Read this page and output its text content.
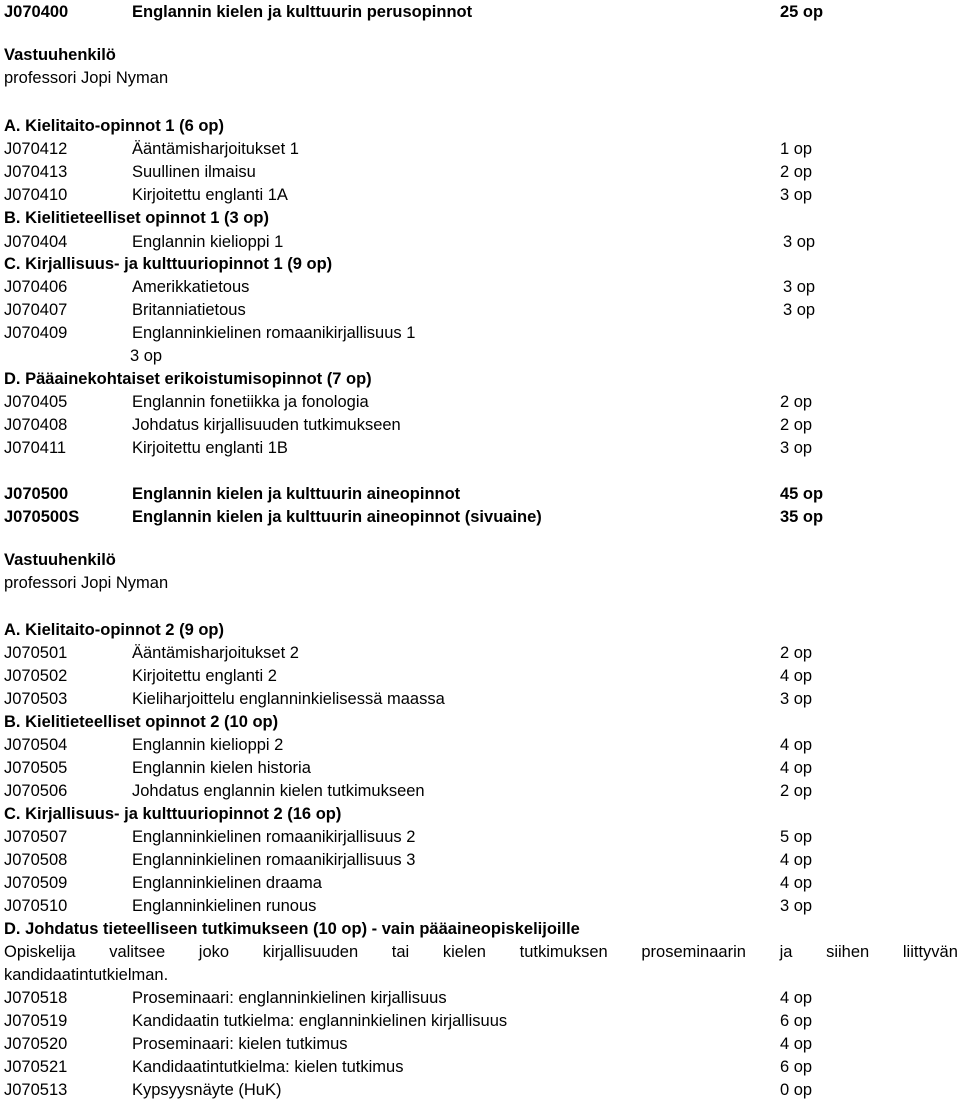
J070400	Englannin kielen ja kulttuurin perusopinnot	25 op
Vastuuhenkilö
professori Jopi Nyman
A. Kielitaito-opinnot 1 (6 op)
J070412	Ääntämisharjoitukset 1	1 op
J070413	Suullinen ilmaisu	2 op
J070410	Kirjoitettu englanti 1A	3 op
B. Kielitieteelliset opinnot 1 (3 op)
J070404	Englannin kielioppi 1	3 op
C. Kirjallisuus- ja kulttuuriopinnot 1 (9 op)
J070406	Amerikkatietous	3 op
J070407	Britanniatietous	3 op
J070409	Englanninkielinen romaanikirjallisuus 1
3 op
D. Pääainekohtaiset erikoistumisopinnot (7 op)
J070405	Englannin fonetiikka ja fonologia	2 op
J070408	Johdatus kirjallisuuden tutkimukseen	2 op
J070411	Kirjoitettu englanti 1B	3 op
J070500	Englannin kielen ja kulttuurin aineopinnot	45 op
J070500S	Englannin kielen ja kulttuurin aineopinnot (sivuaine)	35 op
Vastuuhenkilö
professori Jopi Nyman
A. Kielitaito-opinnot 2 (9 op)
J070501	Ääntämisharjoitukset 2	2 op
J070502	Kirjoitettu englanti 2	4 op
J070503	Kieliharjoittelu englanninkielisessä maassa	3 op
B. Kielitieteelliset opinnot 2 (10 op)
J070504	Englannin kielioppi 2	4 op
J070505	Englannin kielen historia	4 op
J070506	Johdatus englannin kielen tutkimukseen	2 op
C. Kirjallisuus- ja kulttuuriopinnot 2 (16 op)
J070507	Englanninkielinen romaanikirjallisuus 2	5 op
J070508	Englanninkielinen romaanikirjallisuus 3	4 op
J070509	Englanninkielinen draama	4 op
J070510	Englanninkielinen runous	3 op
D. Johdatus tieteelliseen tutkimukseen (10 op) - vain pääaineopiskelijoille
Opiskelija valitsee joko kirjallisuuden tai kielen tutkimuksen proseminaarin ja siihen liittyvän
kandidaatintutkielman.
J070518	Proseminaari: englanninkielinen kirjallisuus	4 op
J070519	Kandidaatin tutkielma: englanninkielinen kirjallisuus	6 op
J070520	Proseminaari: kielen tutkimus	4 op
J070521	Kandidaatintutkielma: kielen tutkimus	6 op
J070513	Kypsyysnäyte (HuK)	0 op
